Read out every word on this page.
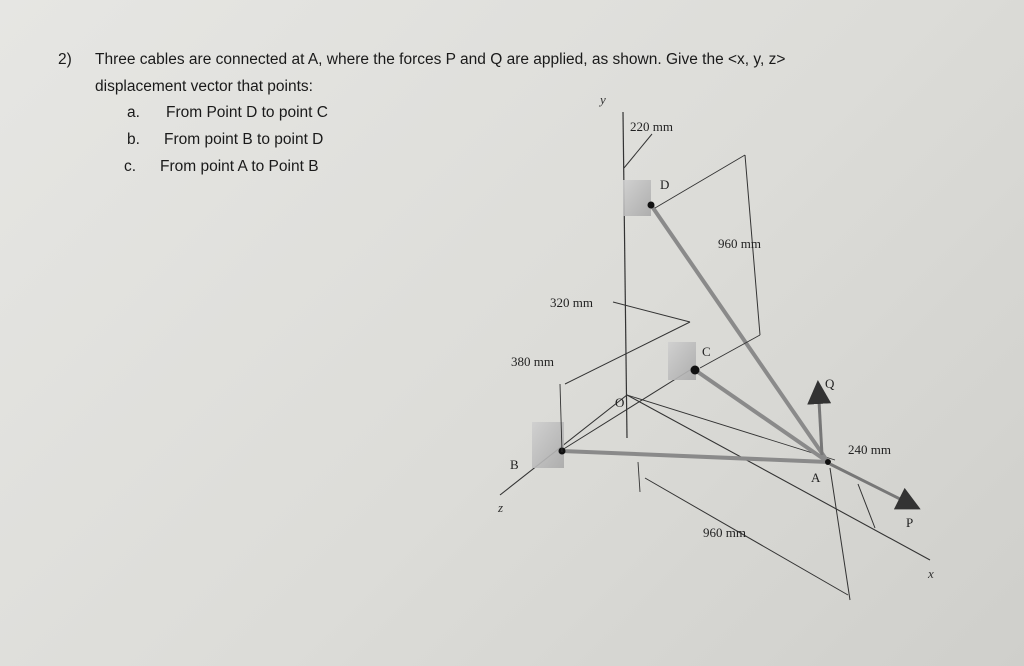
2) Three cables are connected at A, where the forces P and Q are applied, as shown. Give the <x, y, z>
displacement vector that points:
a. From Point D to point C
b. From point B to point D
c. From point A to Point B
y
z
x
D
C
O
B
A
Q
P
220 mm
960 mm
320 mm
380 mm
240 mm
960 mm
